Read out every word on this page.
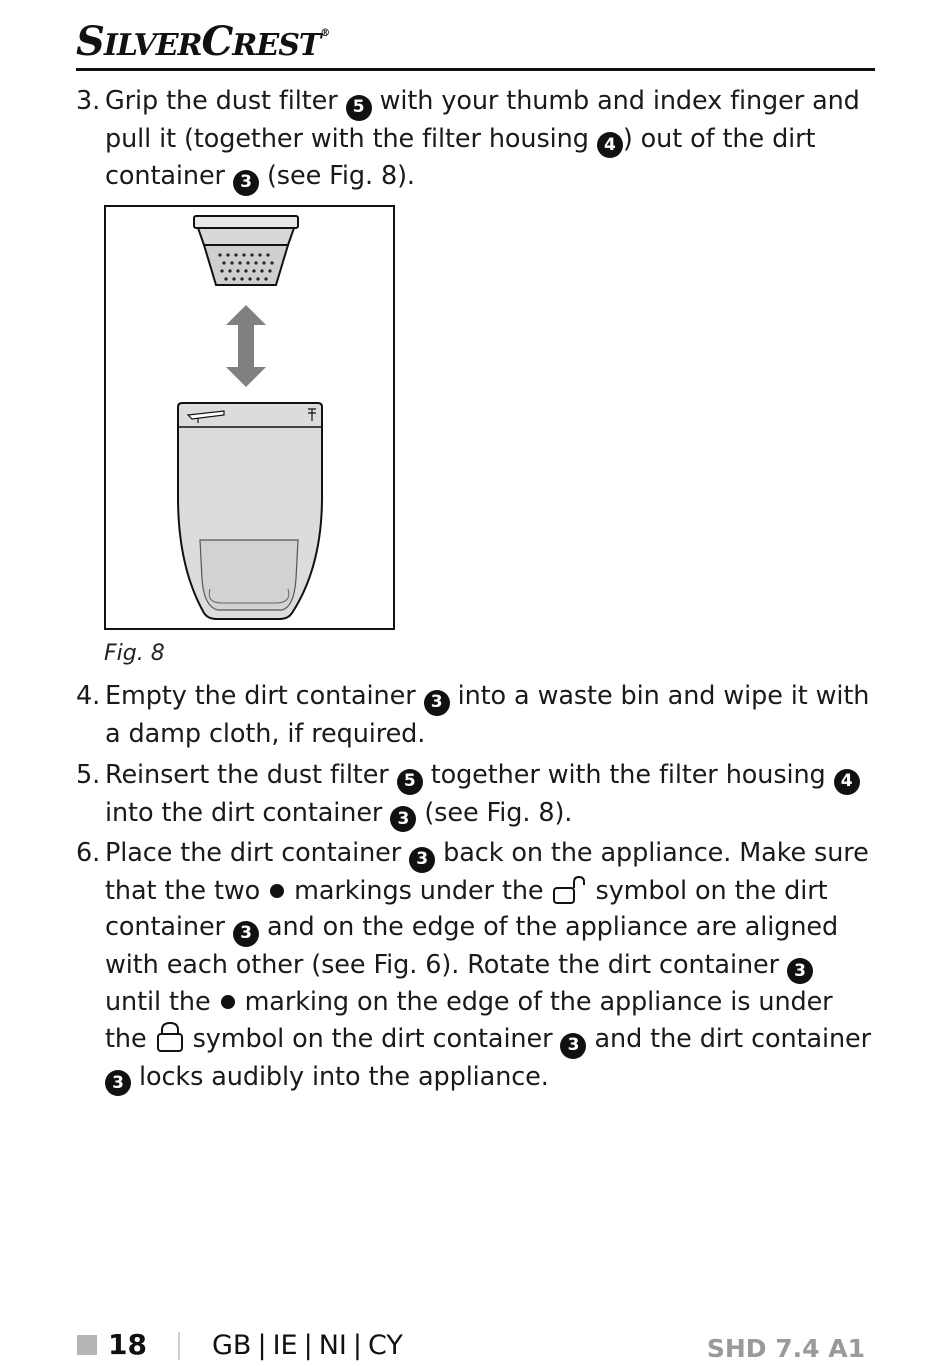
SILVERCREST®
3. Grip the dust filter 5 with your thumb and index finger and pull it (together with the filter housing 4 ) out of the dirt container 3 (see Fig. 8).
Fig. 8
4. Empty the dirt container 3 into a waste bin and wipe it with a damp cloth, if required.
5. Reinsert the dust filter 5 together with the filter housing 4 into the dirt container 3 (see Fig. 8).
6. Place the dirt container 3 back on the appliance. Make sure that the two  markings under the  symbol on the dirt container 3 and on the edge of the appliance are aligned with each other (see Fig. 6). Rotate the dirt container 3 until the  marking on the edge of the appliance is under the  symbol on the dirt container 3 and the dirt container 3 locks audibly into the appliance.
18 GB | IE | NI | CY	SHD 7.4 A1
